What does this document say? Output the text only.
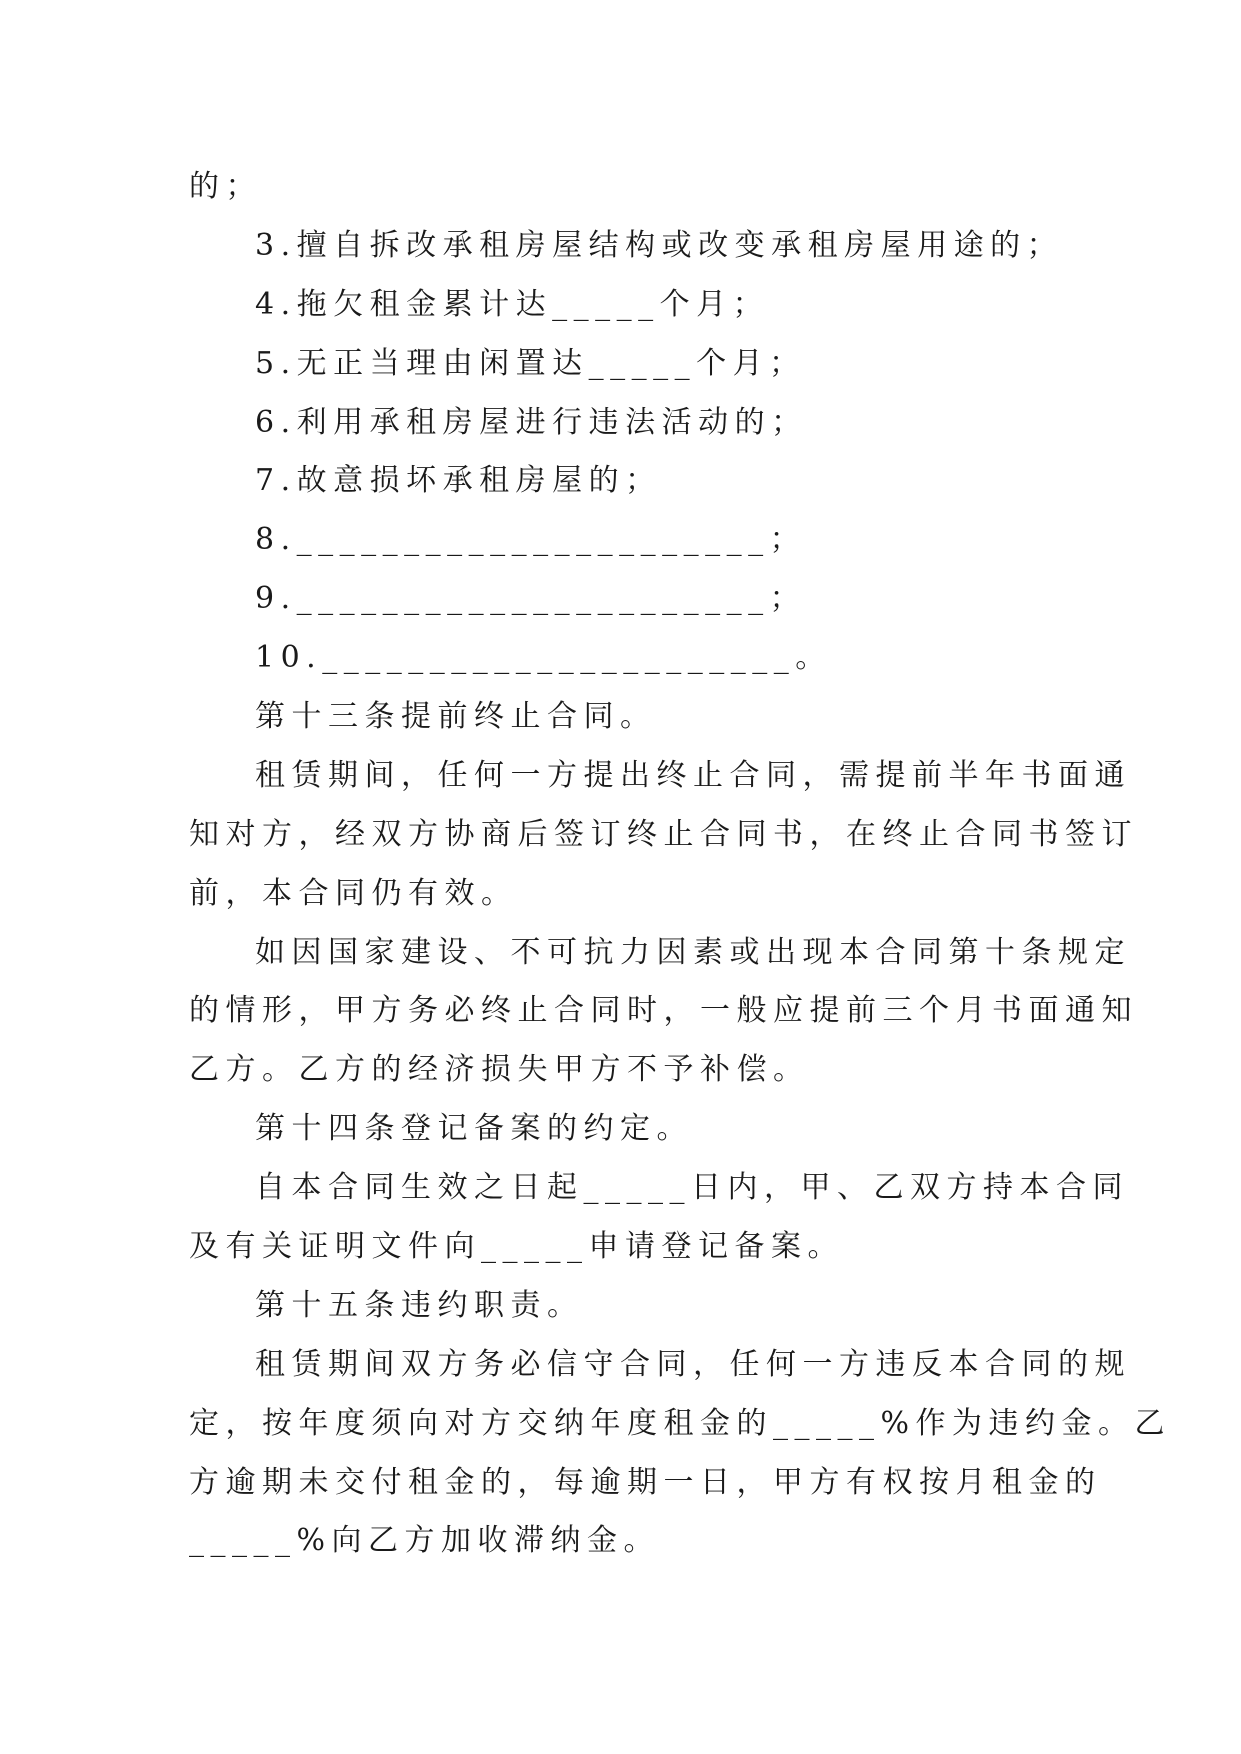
的；
3.擅自拆改承租房屋结构或改变承租房屋用途的；
4.拖欠租金累计达_____个月；
5.无正当理由闲置达_____个月；
6.利用承租房屋进行违法活动的；
7.故意损坏承租房屋的；
8.______________________；
9.______________________；
10.______________________。
第十三条提前终止合同。
租赁期间，任何一方提出终止合同，需提前半年书面通
知对方，经双方协商后签订终止合同书，在终止合同书签订
前，本合同仍有效。
如因国家建设、不可抗力因素或出现本合同第十条规定
的情形，甲方务必终止合同时，一般应提前三个月书面通知
乙方。乙方的经济损失甲方不予补偿。
第十四条登记备案的约定。
自本合同生效之日起_____日内，甲、乙双方持本合同
及有关证明文件向_____申请登记备案。
第十五条违约职责。
租赁期间双方务必信守合同，任何一方违反本合同的规
定，按年度须向对方交纳年度租金的_____%作为违约金。乙
方逾期未交付租金的，每逾期一日，甲方有权按月租金的
_____%向乙方加收滞纳金。
